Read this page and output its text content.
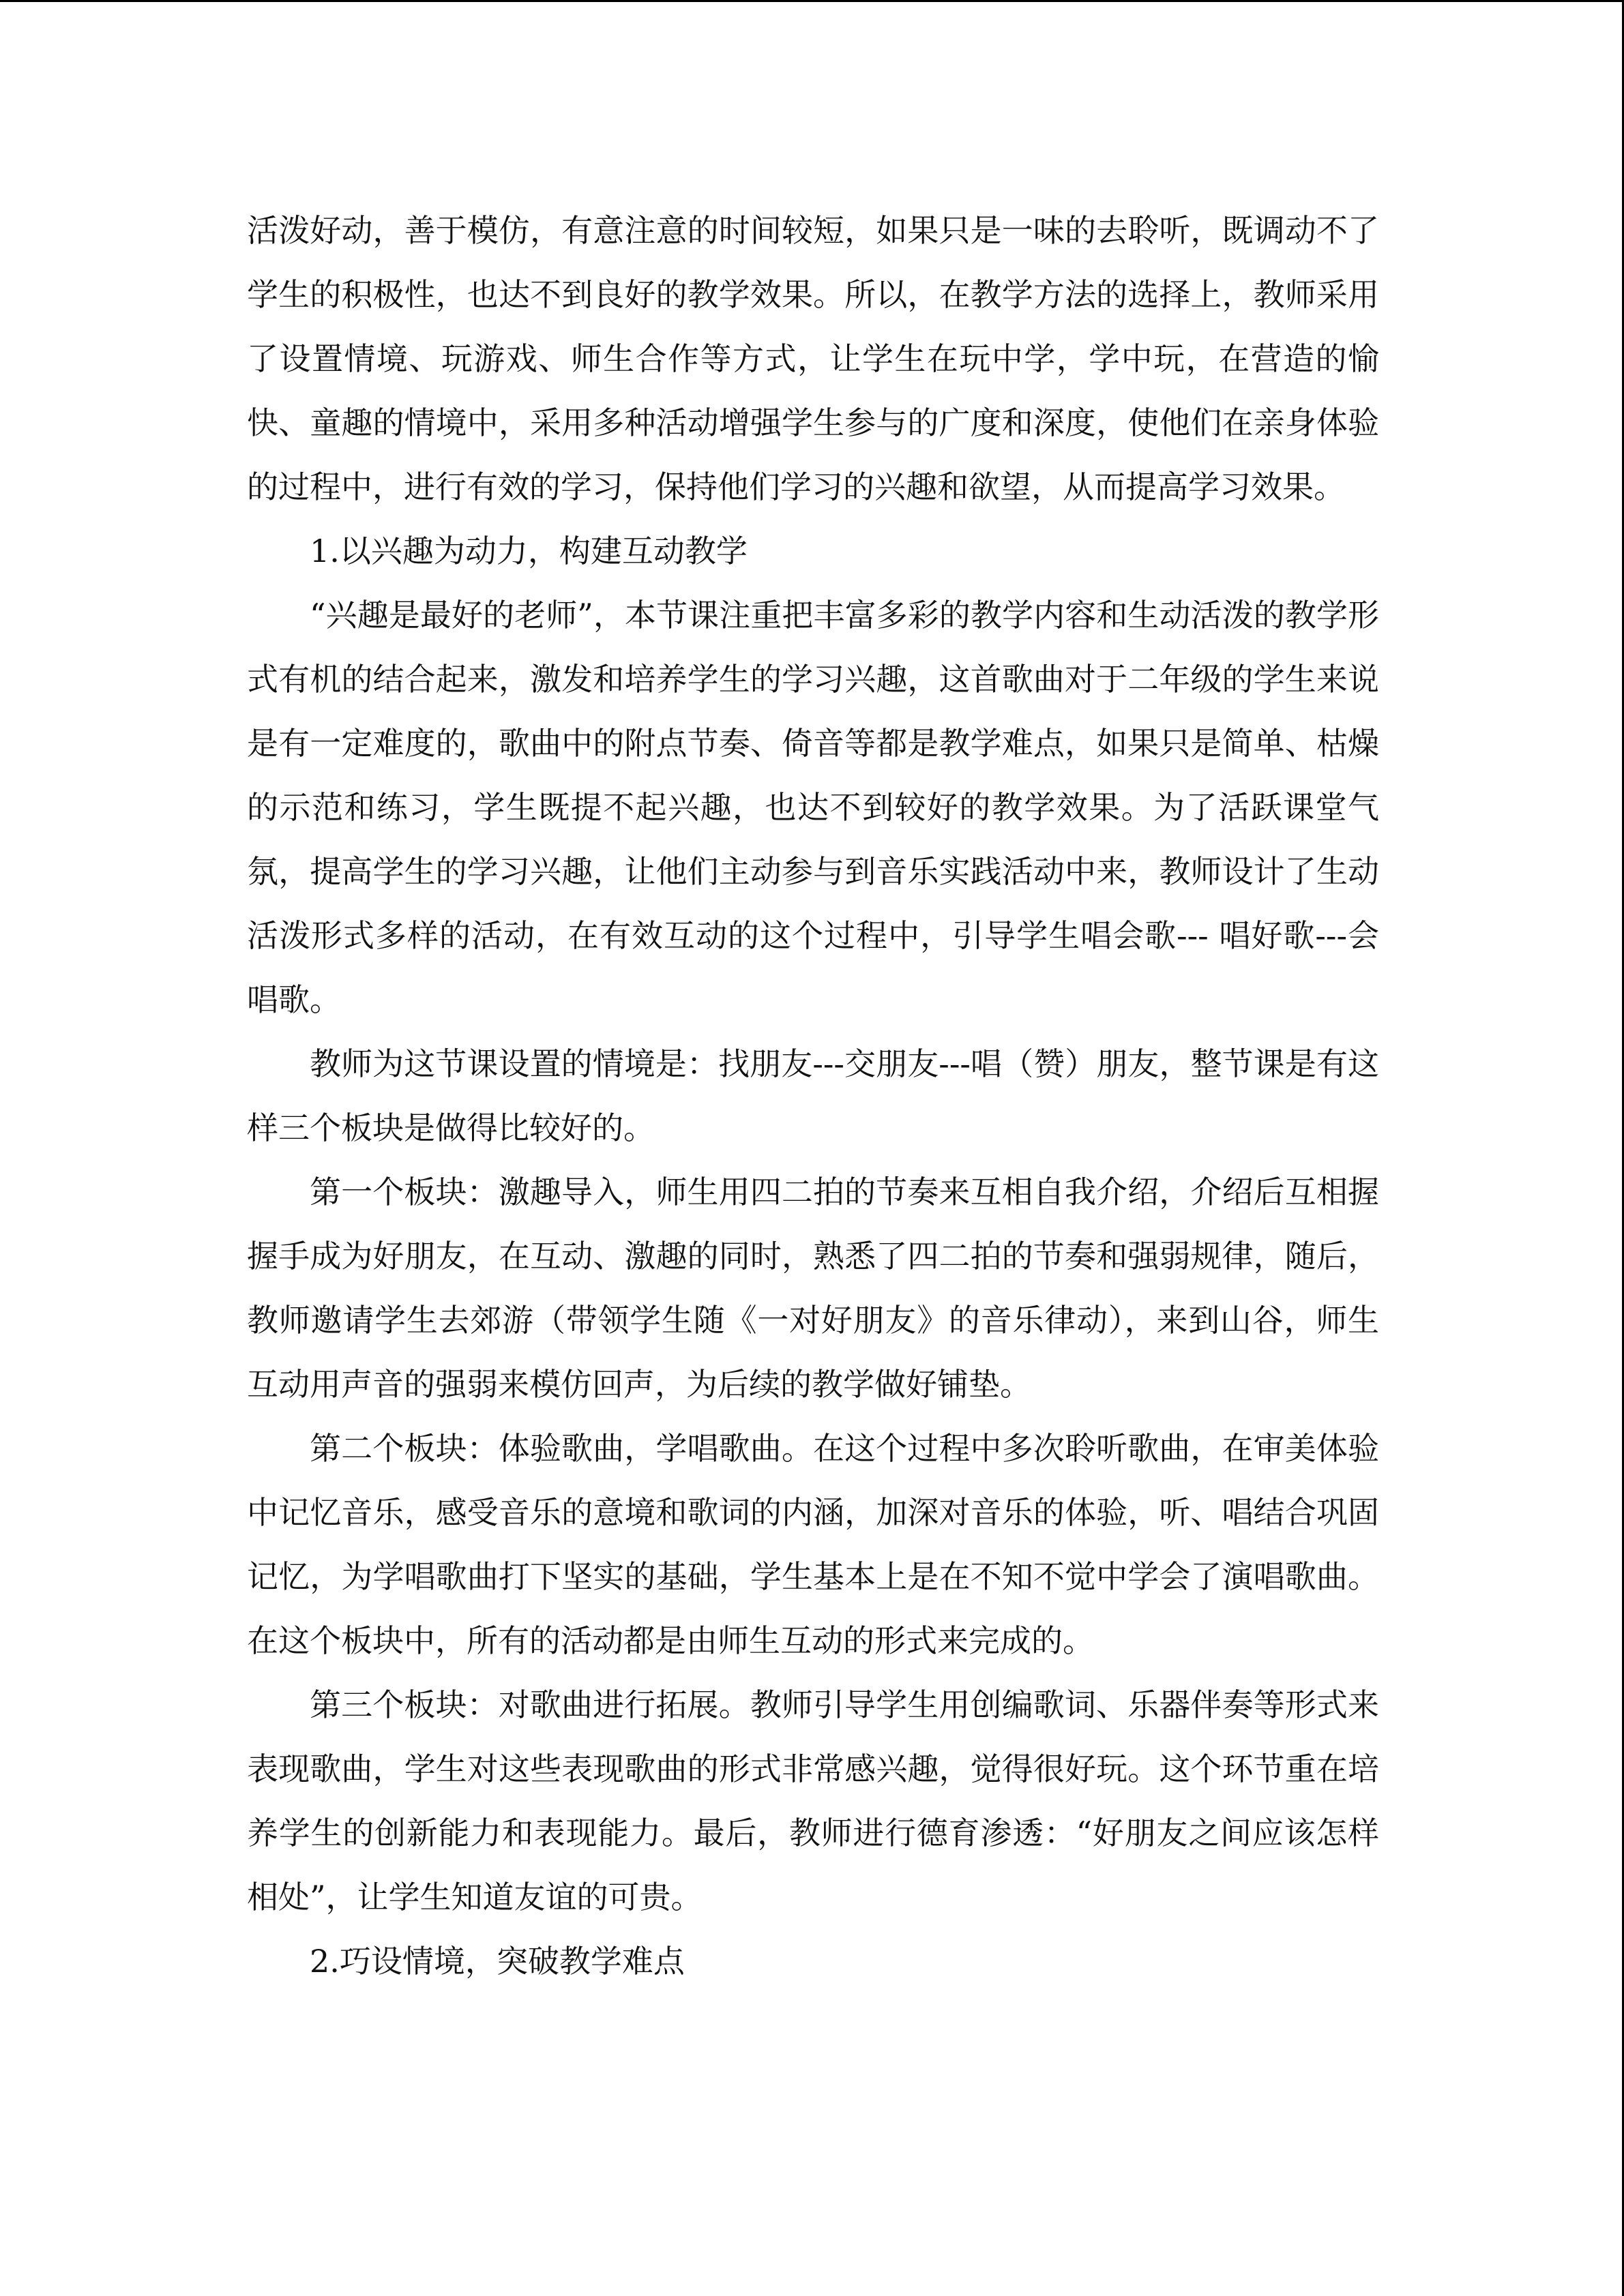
活泼好动，善于模仿，有意注意的时间较短，如果只是一味的去聆听，既调动不了学生的积极性，也达不到良好的教学效果。所以，在教学方法的选择上，教师采用了设置情境、玩游戏、师生合作等方式，让学生在玩中学，学中玩，在营造的愉快、童趣的情境中，采用多种活动增强学生参与的广度和深度，使他们在亲身体验的过程中，进行有效的学习，保持他们学习的兴趣和欲望，从而提高学习效果。

1.以兴趣为动力，构建互动教学

“兴趣是最好的老师”，本节课注重把丰富多彩的教学内容和生动活泼的教学形式有机的结合起来，激发和培养学生的学习兴趣，这首歌曲对于二年级的学生来说是有一定难度的，歌曲中的附点节奏、倚音等都是教学难点，如果只是简单、枯燥的示范和练习，学生既提不起兴趣，也达不到较好的教学效果。为了活跃课堂气氛，提高学生的学习兴趣，让他们主动参与到音乐实践活动中来，教师设计了生动活泼形式多样的活动，在有效互动的这个过程中，引导学生唱会歌--- 唱好歌---会唱歌。

教师为这节课设置的情境是：找朋友---交朋友---唱（赞）朋友，整节课是有这样三个板块是做得比较好的。

第一个板块：激趣导入，师生用四二拍的节奏来互相自我介绍，介绍后互相握握手成为好朋友，在互动、激趣的同时，熟悉了四二拍的节奏和强弱规律，随后，教师邀请学生去郊游（带领学生随《一对好朋友》的音乐律动），来到山谷，师生互动用声音的强弱来模仿回声，为后续的教学做好铺垫。

第二个板块：体验歌曲，学唱歌曲。在这个过程中多次聆听歌曲，在审美体验中记忆音乐，感受音乐的意境和歌词的内涵，加深对音乐的体验，听、唱结合巩固记忆，为学唱歌曲打下坚实的基础，学生基本上是在不知不觉中学会了演唱歌曲。在这个板块中，所有的活动都是由师生互动的形式来完成的。

第三个板块：对歌曲进行拓展。教师引导学生用创编歌词、乐器伴奏等形式来表现歌曲，学生对这些表现歌曲的形式非常感兴趣，觉得很好玩。这个环节重在培养学生的创新能力和表现能力。最后，教师进行德育渗透：“好朋友之间应该怎样相处”，让学生知道友谊的可贵。

2.巧设情境，突破教学难点
